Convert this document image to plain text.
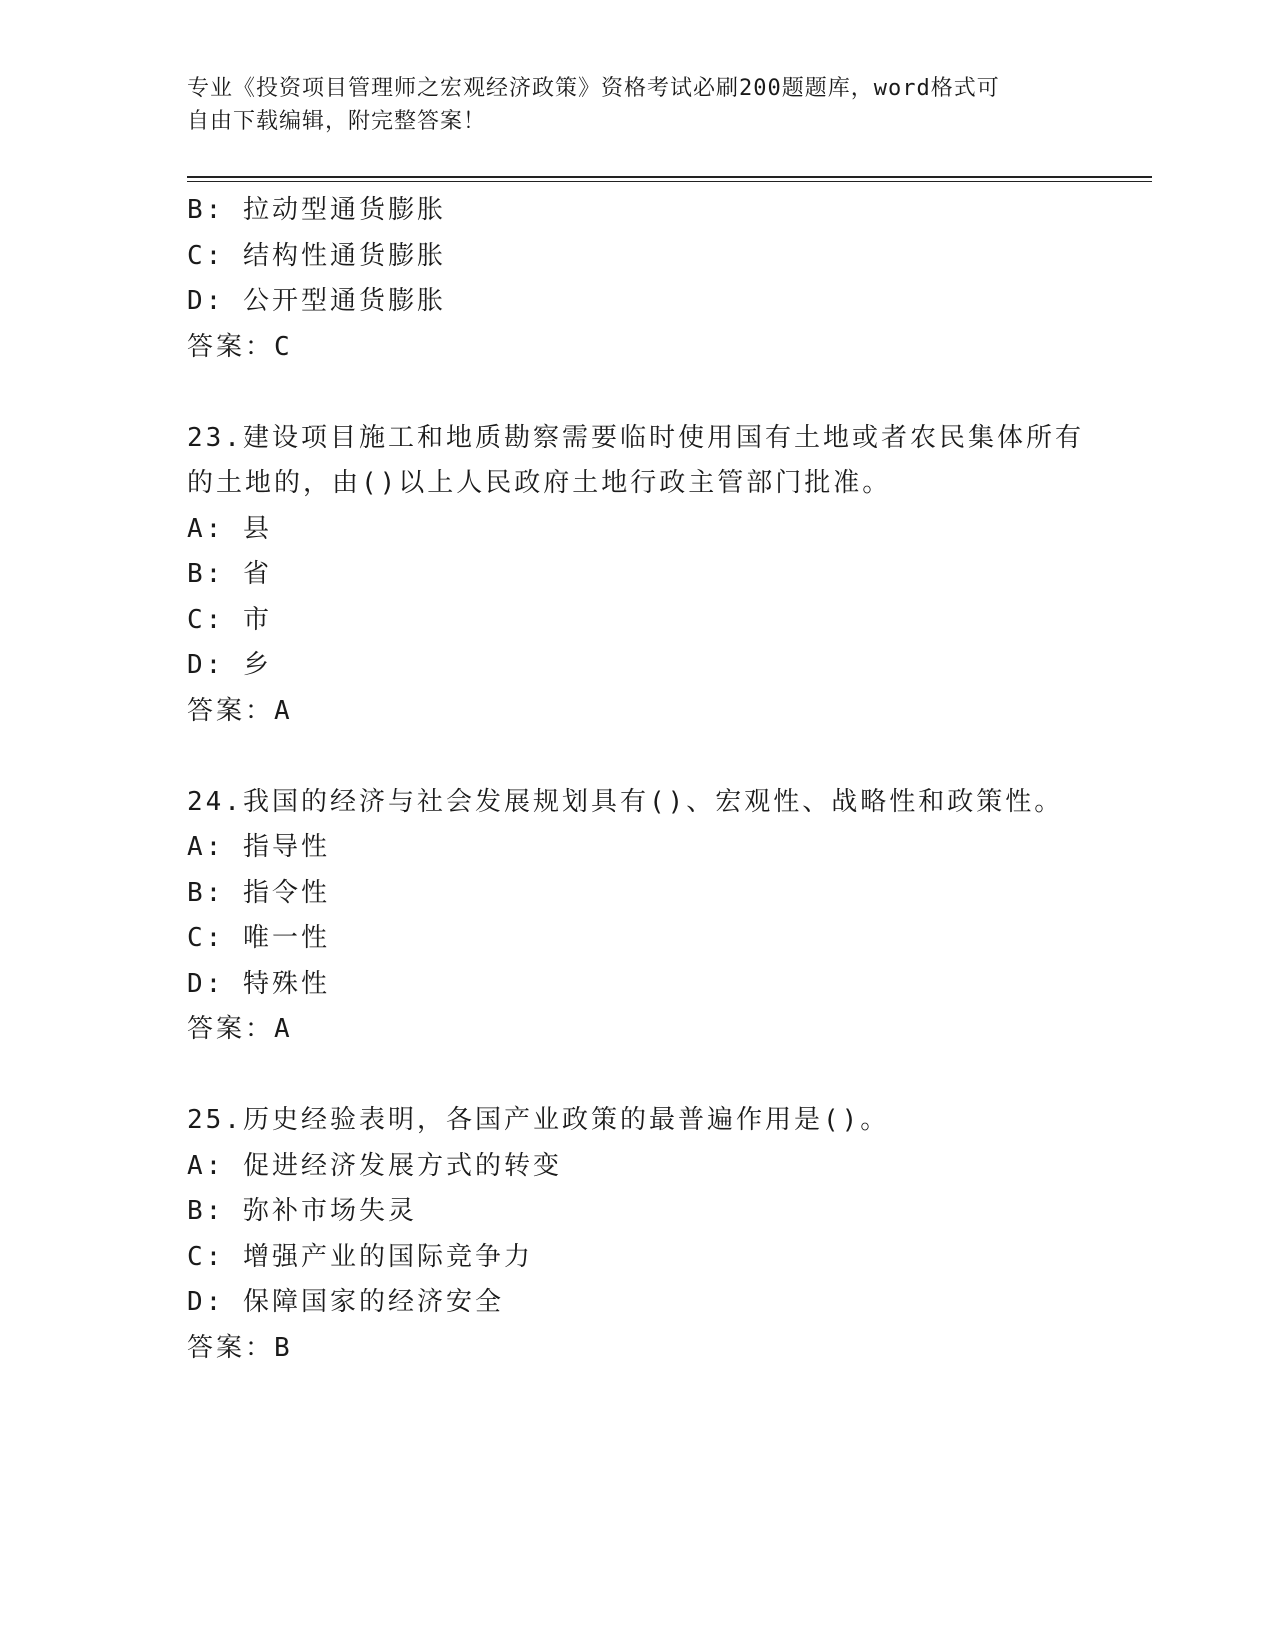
专业《投资项目管理师之宏观经济政策》资格考试必刷200题题库，word格式可
自由下载编辑，附完整答案！
B: 拉动型通货膨胀
C: 结构性通货膨胀
D: 公开型通货膨胀
答案：C
23.建设项目施工和地质勘察需要临时使用国有土地或者农民集体所有
的土地的，由()以上人民政府土地行政主管部门批准。
A: 县
B: 省
C: 市
D: 乡
答案：A
24.我国的经济与社会发展规划具有()、宏观性、战略性和政策性。
A: 指导性
B: 指令性
C: 唯一性
D: 特殊性
答案：A
25.历史经验表明，各国产业政策的最普遍作用是()。
A: 促进经济发展方式的转变
B: 弥补市场失灵
C: 增强产业的国际竞争力
D: 保障国家的经济安全
答案：B
